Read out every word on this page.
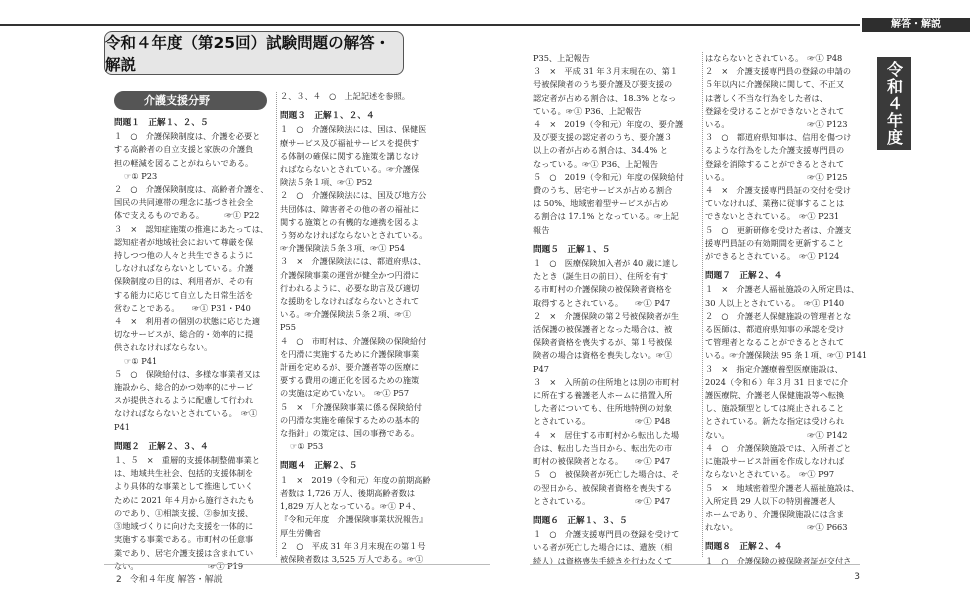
解答・解説
令和４年度（第25回）試験問題の解答・解説	令和４年度
介護支援分野
問題１　正解１、２、５
１　○　介護保険制度は、介護を必要と
する高齢者の自立支援と家族の介護負
担の軽減を図ることがねらいである。
☞① P23
２　○　介護保険制度は、高齢者介護を、
国民の共同連帯の理念に基づき社会全
体で支えるものである。　　　☞① P22
３　×　認知症施策の推進にあたっては、
認知症者が地域社会において尊厳を保
持しつつ他の人々と共生できるように
しなければならないとしている。介護
保険制度の目的は、利用者が、その有
する能力に応じて自立した日常生活を
営むことである。　　☞① P31・P40
４　×　利用者の個別の状態に応じた適
切なサービスが、総合的・効率的に提
供されなければならない。
☞① P41
５　○　保険給付は、多様な事業者又は
施設から、総合的かつ効率的にサービ
スが提供されるように配慮して行われ
なければならないとされている。　☞①
P41
問題２　正解２、３、４
１、５　×　重層的支援体制整備事業と
は、地域共生社会、包括的支援体制を
より具体的な事業として推進していく
ために 2021 年４月から施行されたも
のであり、①相談支援、②参加支援、
③地域づくりに向けた支援を一体的に
実施する事業である。市町村の任意事
業であり、居宅介護支援は含まれてい
ない。　　　　　　　　　☞① P19
２、３、４　○　上記記述を参照。
問題３　正解１、２、４
１　○　介護保険法には、国は、保健医
療サービス及び福祉サービスを提供す
る体制の確保に関する施策を講じなけ
ればならないとされている。☞介護保
険法５条１項、☞① P52
２　○　介護保険法には、国及び地方公
共団体は、障害者その他の者の福祉に
関する施策との有機的な連携を図るよ
う努めなければならないとされている。
☞介護保険法５条３項、☞① P54
３　×　介護保険法には、都道府県は、
介護保険事業の運営が健全かつ円滑に
行われるように、必要な助言及び適切
な援助をしなければならないとされて
いる。☞介護保険法５条２項、☞①
P55
４　○　市町村は、介護保険の保険給付
を円滑に実施するために介護保険事業
計画を定めるが、要介護者等の医療に
要する費用の適正化を図るための施策
の実施は定めていない。　☞① P57
５　×　「介護保険事業に係る保険給付
の円滑な実施を確保するための基本的
な指針」の策定は、国の事務である。
☞① P53
問題４　正解２、５
１　×　2019（令和元）年度の前期高齢
者数は 1,726 万人、後期高齢者数は
1,829 万人となっている。☞① P４、
『令和元年度　介護保険事業状況報告』
厚生労働省
２　○　平成 31 年３月末現在の第１号
被保険者数は 3,525 万人である。☞①
P35、上記報告
３　×　平成 31 年３月末現在の、第１
号被保険者のうち要介護及び要支援の
認定者が占める割合は、18.3% となっ
ている。☞① P36、上記報告
４　×　2019（令和元）年度の、要介護
及び要支援の認定者のうち、要介護３
以上の者が占める割合は、34.4% と
なっている。☞① P36、上記報告
５　○　2019（令和元）年度の保険給付
費のうち、居宅サービスが占める割合
は 50%、地域密着型サービスが占め
る割合は 17.1% となっている。☞上記
報告
問題５　正解１、５
１　○　医療保険加入者が 40 歳に達し
たとき（誕生日の前日）、住所を有す
る市町村の介護保険の被保険者資格を
取得するとされている。　　☞① P47
２　×　介護保険の第２号被保険者が生
活保護の被保護者となった場合は、被
保険者資格を喪失するが、第１号被保
険者の場合は資格を喪失しない。☞①
P47
３　×　入所前の住所地とは別の市町村
に所在する養護老人ホームに措置入所
した者についても、住所地特例の対象
とされている。　　　　　　☞① P48
４　×　居住する市町村から転出した場
合は、転出した当日から、転出先の市
町村の被保険者となる。　　☞① P47
５　○　被保険者が死亡した場合は、そ
の翌日から、被保険者資格を喪失する
とされている。　　　　　　☞① P47
問題６　正解１、３、５
１　○　介護支援専門員の登録を受けて
いる者が死亡した場合には、遺族（相
続人）は資格喪失手続きを行わなくて
はならないとされている。　☞① P48
２　×　介護支援専門員の登録の申請の
５年以内に介護保険に関して、不正又
は著しく不当な行為をした者は、
登録を受けることができないとされて
いる。　　　　　　　　　　☞① P123
３　○　都道府県知事は、信用を傷つけ
るような行為をした介護支援専門員の
登録を消除することができるとされて
いる。　　　　　　　　　　☞① P125
４　×　介護支援専門員証の交付を受け
ていなければ、業務に従事することは
できないとされている。　☞① P231
５　○　更新研修を受けた者は、介護支
援専門員証の有効期間を更新すること
ができるとされている。　☞① P124
問題７　正解２、４
１　×　介護老人福祉施設の入所定員は、
30 人以上とされている。　☞① P140
２　○　介護老人保健施設の管理者とな
る医師は、都道府県知事の承認を受け
て管理者となることができるとされて
いる。☞介護保険法 95 条１項、☞① P141
３　×　指定介護療養型医療施設は、
2024（令和６）年３月 31 日までに介
護医療院、介護老人保健施設等へ転換
し、施設類型としては廃止されること
とされている。新たな指定は受けられ
ない。　　　　　　　　　　☞① P142
４　○　介護保険施設では、入所者ごと
に施設サービス計画を作成しなければ
ならないとされている。　☞① P97
５　×　地域密着型介護老人福祉施設は、
入所定員 29 人以下の特別養護老人
ホームであり、介護保険施設には含ま
れない。　　　　　　　　　☞① P663
問題８　正解２、４
１　○　介護保険の被保険者証が交付さ
2 令和４年度 解答・解説	3
